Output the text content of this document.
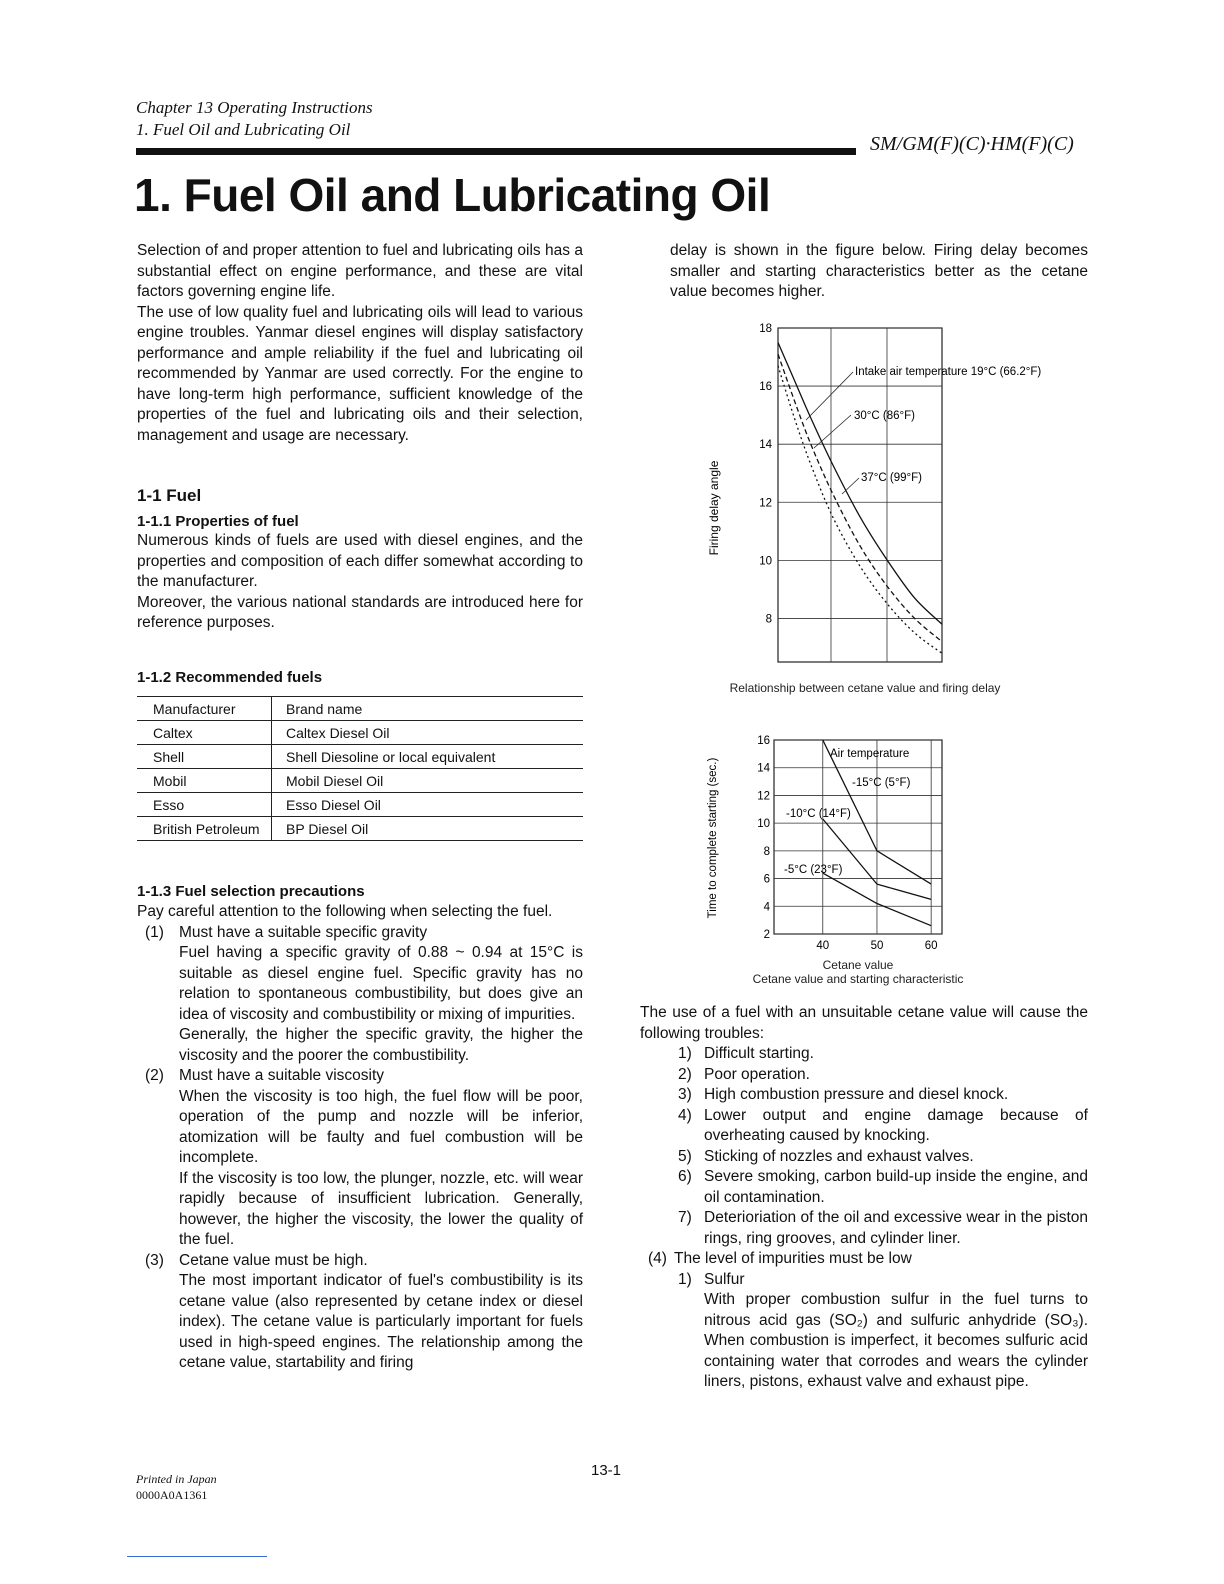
Chapter 13 Operating Instructions
1. Fuel Oil and Lubricating Oil
SM/GM(F)(C)·HM(F)(C)
1. Fuel Oil and Lubricating Oil

Selection of and proper attention to fuel and lubricating oils has a substantial effect on engine performance, and these are vital factors governing engine life.

The use of low quality fuel and lubricating oils will lead to various engine troubles. Yanmar diesel engines will display satisfactory performance and ample reliability if the fuel and lubricating oil recommended by Yanmar are used correctly. For the engine to have long-term high performance, sufficient knowledge of the properties of the fuel and lubricating oils and their selection, management and usage are necessary.

1-1 Fuel
1-1.1 Properties of fuel

Numerous kinds of fuels are used with diesel engines, and the properties and composition of each differ somewhat according to the manufacturer.

Moreover, the various national standards are introduced here for reference purposes.

1-1.2 Recommended fuels
Manufacturer	Brand name
Caltex	Caltex Diesel Oil
Shell	Shell Diesoline or local equivalent
Mobil	Mobil Diesel Oil
Esso	Esso Diesel Oil
British Petroleum	BP Diesel Oil
1-1.3 Fuel selection precautions

Pay careful attention to the following when selecting the fuel.

(1) Must have a suitable specific gravity

Fuel having a specific gravity of 0.88 ~ 0.94 at 15°C is suitable as diesel engine fuel. Specific gravity has no relation to spontaneous combustibility, but does give an idea of viscosity and combustibility or mixing of impurities.

Generally, the higher the specific gravity, the higher the viscosity and the poorer the combustibility.

(2) Must have a suitable viscosity

When the viscosity is too high, the fuel flow will be poor, operation of the pump and nozzle will be inferior, atomization will be faulty and fuel combustion will be incomplete.

If the viscosity is too low, the plunger, nozzle, etc. will wear rapidly because of insufficient lubrication. Generally, however, the higher the viscosity, the lower the quality of the fuel.

(3) Cetane value must be high.

The most important indicator of fuel's combustibility is its cetane value (also represented by cetane index or diesel index). The cetane value is particularly important for fuels used in high-speed engines. The relationship among the cetane value, startability and firing

delay is shown in the figure below. Firing delay becomes smaller and starting characteristics better as the cetane value becomes higher.
8
10
12
14
16
18
Firing delay angle
Intake air temperature 19°C (66.2°F)
30°C (86°F)
37°C (99°F)
Relationship between cetane value and firing delay
2
4
6
8
10
12
14
16
40	50	60
Time to complete starting (sec.)
Air temperature
-15°C (5°F)
-10°C (14°F)
-5°C (23°F)
Cetane value
Cetane value and starting characteristic

The use of a fuel with an unsuitable cetane value will cause the following troubles:

1) Difficult starting.
2) Poor operation.
3) High combustion pressure and diesel knock.
4) Lower output and engine damage because of overheating caused by knocking.
5) Sticking of nozzles and exhaust valves.
6) Severe smoking, carbon build-up inside the engine, and oil contamination.
7) Deterioriation of the oil and excessive wear in the piston rings, ring grooves, and cylinder liner.
(4) The level of impurities must be low
1) Sulfur

With proper combustion sulfur in the fuel turns to nitrous acid gas (SO₂) and sulfuric anhydride (SO₃). When combustion is imperfect, it becomes sulfuric acid containing water that corrodes and wears the cylinder liners, pistons, exhaust valve and exhaust pipe.

Printed in Japan
0000A0A1361
13-1
